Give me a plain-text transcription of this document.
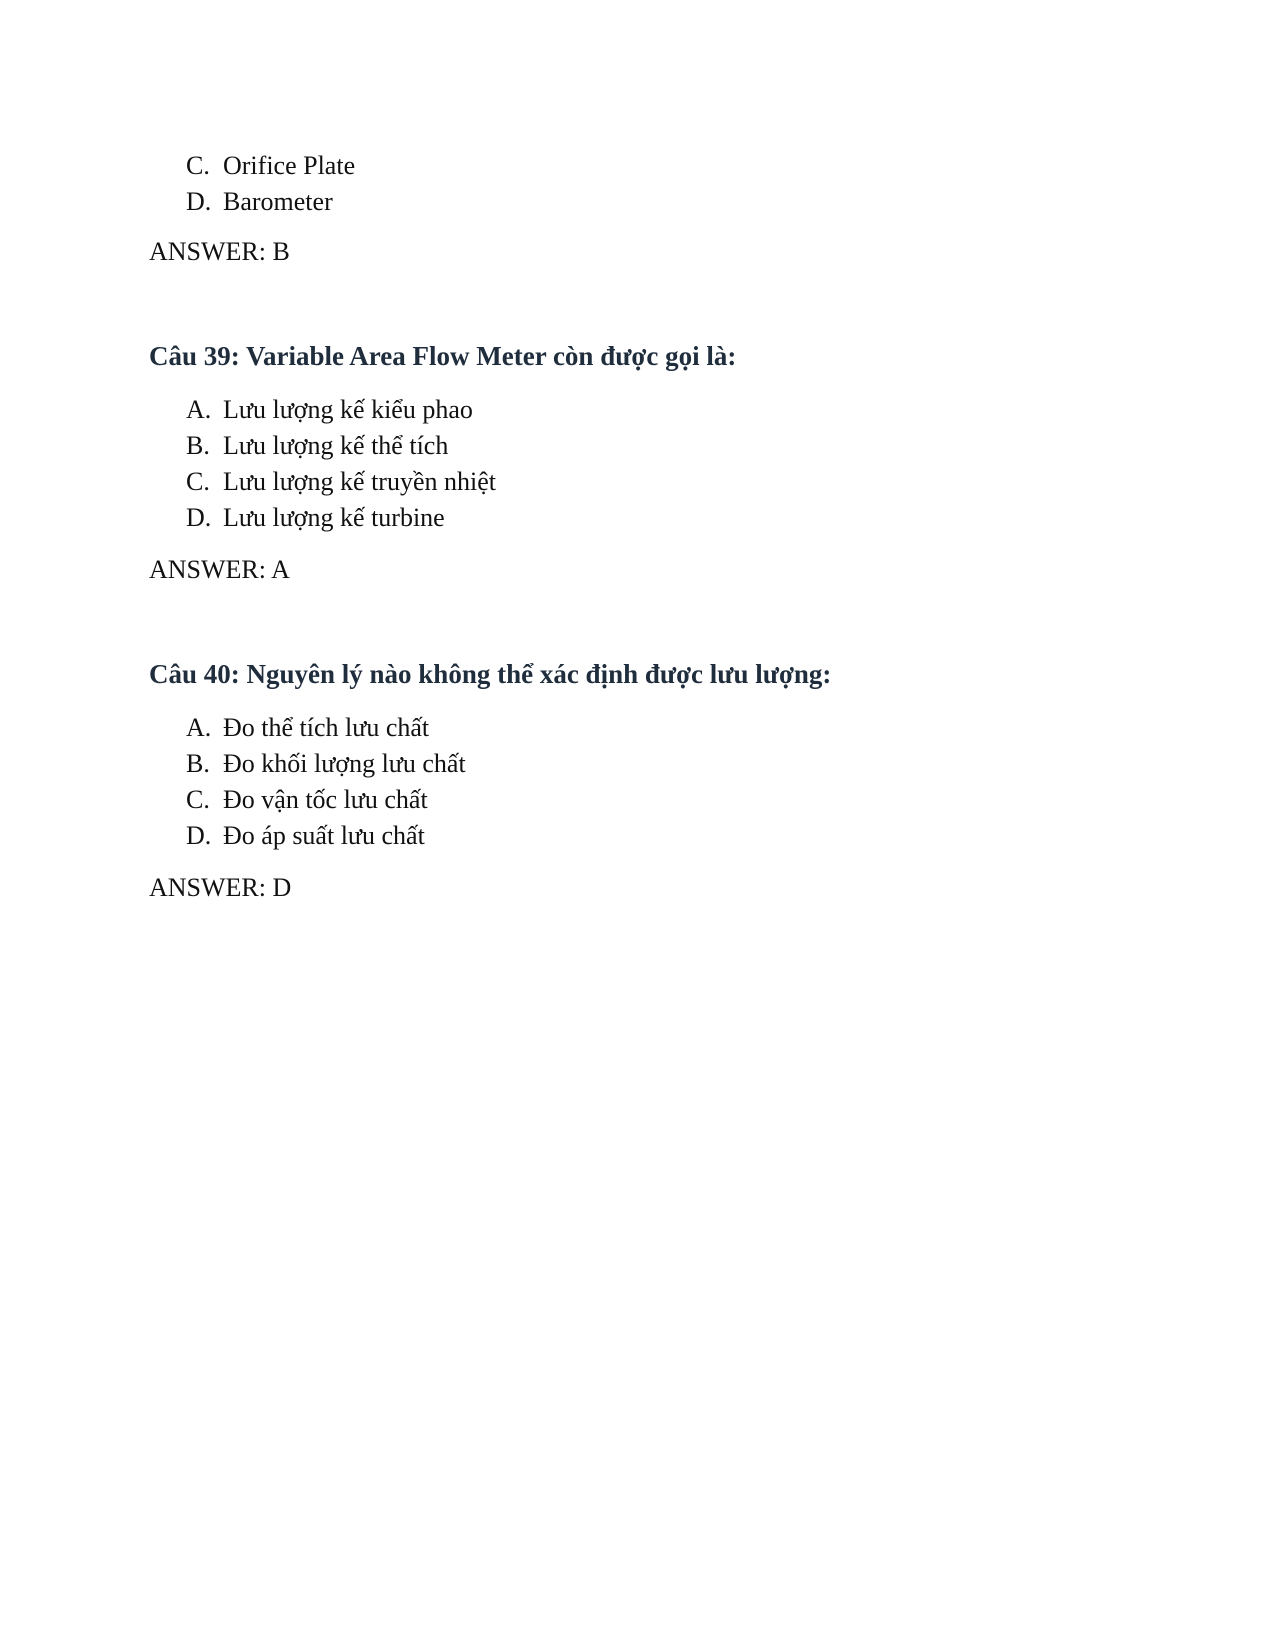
C. Orifice Plate
D. Barometer
ANSWER: B
Câu 39: Variable Area Flow Meter còn được gọi là:
A. Lưu lượng kế kiểu phao
B. Lưu lượng kế thể tích
C. Lưu lượng kế truyền nhiệt
D. Lưu lượng kế turbine
ANSWER: A
Câu 40: Nguyên lý nào không thể xác định được lưu lượng:
A. Đo thể tích lưu chất
B. Đo khối lượng lưu chất
C. Đo vận tốc lưu chất
D. Đo áp suất lưu chất
ANSWER: D
